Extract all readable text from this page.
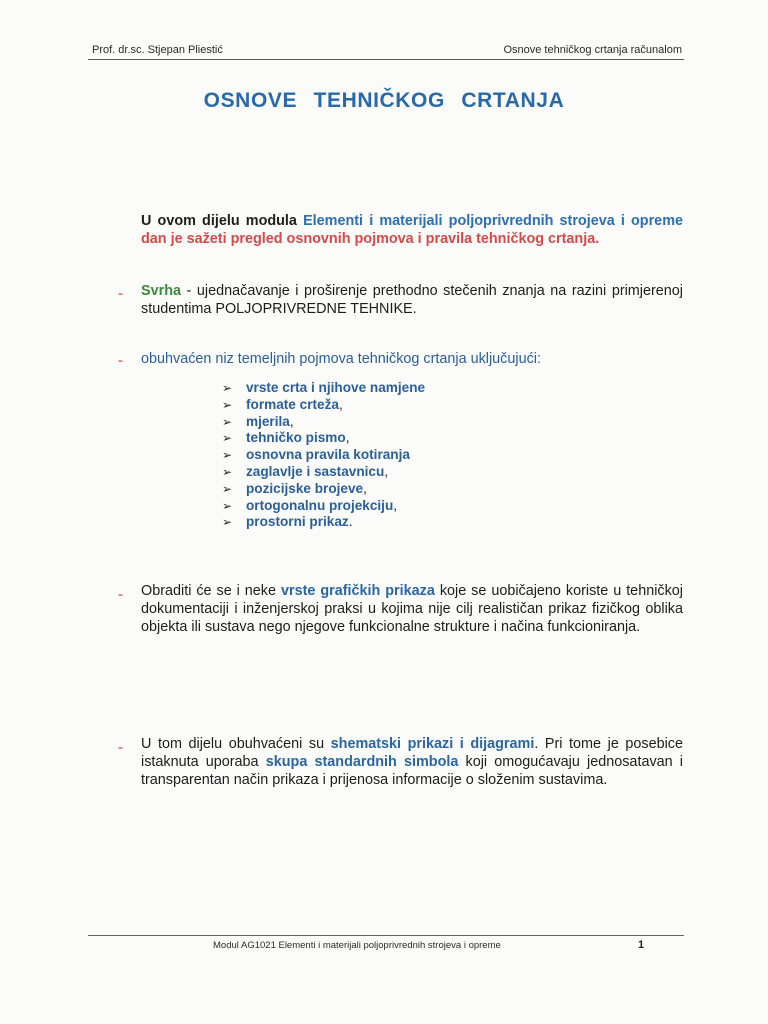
Prof. dr.sc. Stjepan Pliestić	Osnove tehničkog crtanja računalom
OSNOVE TEHNIČKOG CRTANJA
U ovom dijelu modula Elementi i materijali poljoprivrednih strojeva i opreme dan je sažeti pregled osnovnih pojmova i pravila tehničkog crtanja.
- Svrha - ujednačavanje i proširenje prethodno stečenih znanja na razini primjerenoj studentima POLJOPRIVREDNE TEHNIKE.
- obuhvaćen niz temeljnih pojmova tehničkog crtanja uključujući:
➢ vrste crta i njihove namjene
➢ formate crteža,
➢ mjerila,
➢ tehničko pismo,
➢ osnovna pravila kotiranja
➢ zaglavlje i sastavnicu,
➢ pozicijske brojeve,
➢ ortogonalnu projekciju,
➢ prostorni prikaz.
- Obraditi će se i neke vrste grafičkih prikaza koje se uobičajeno koriste u tehničkoj dokumentaciji i inženjerskoj praksi u kojima nije cilj realističan prikaz fizičkog oblika objekta ili sustava nego njegove funkcionalne strukture i načina funkcioniranja.
- U tom dijelu obuhvaćeni su shematski prikazi i dijagrami. Pri tome je posebice istaknuta uporaba skupa standardnih simbola koji omogućavaju jednosatavan i transparentan način prikaza i prijenosa informacije o složenim sustavima.
Modul AG1021 Elementi i materijali poljoprivrednih strojeva i opreme	1
